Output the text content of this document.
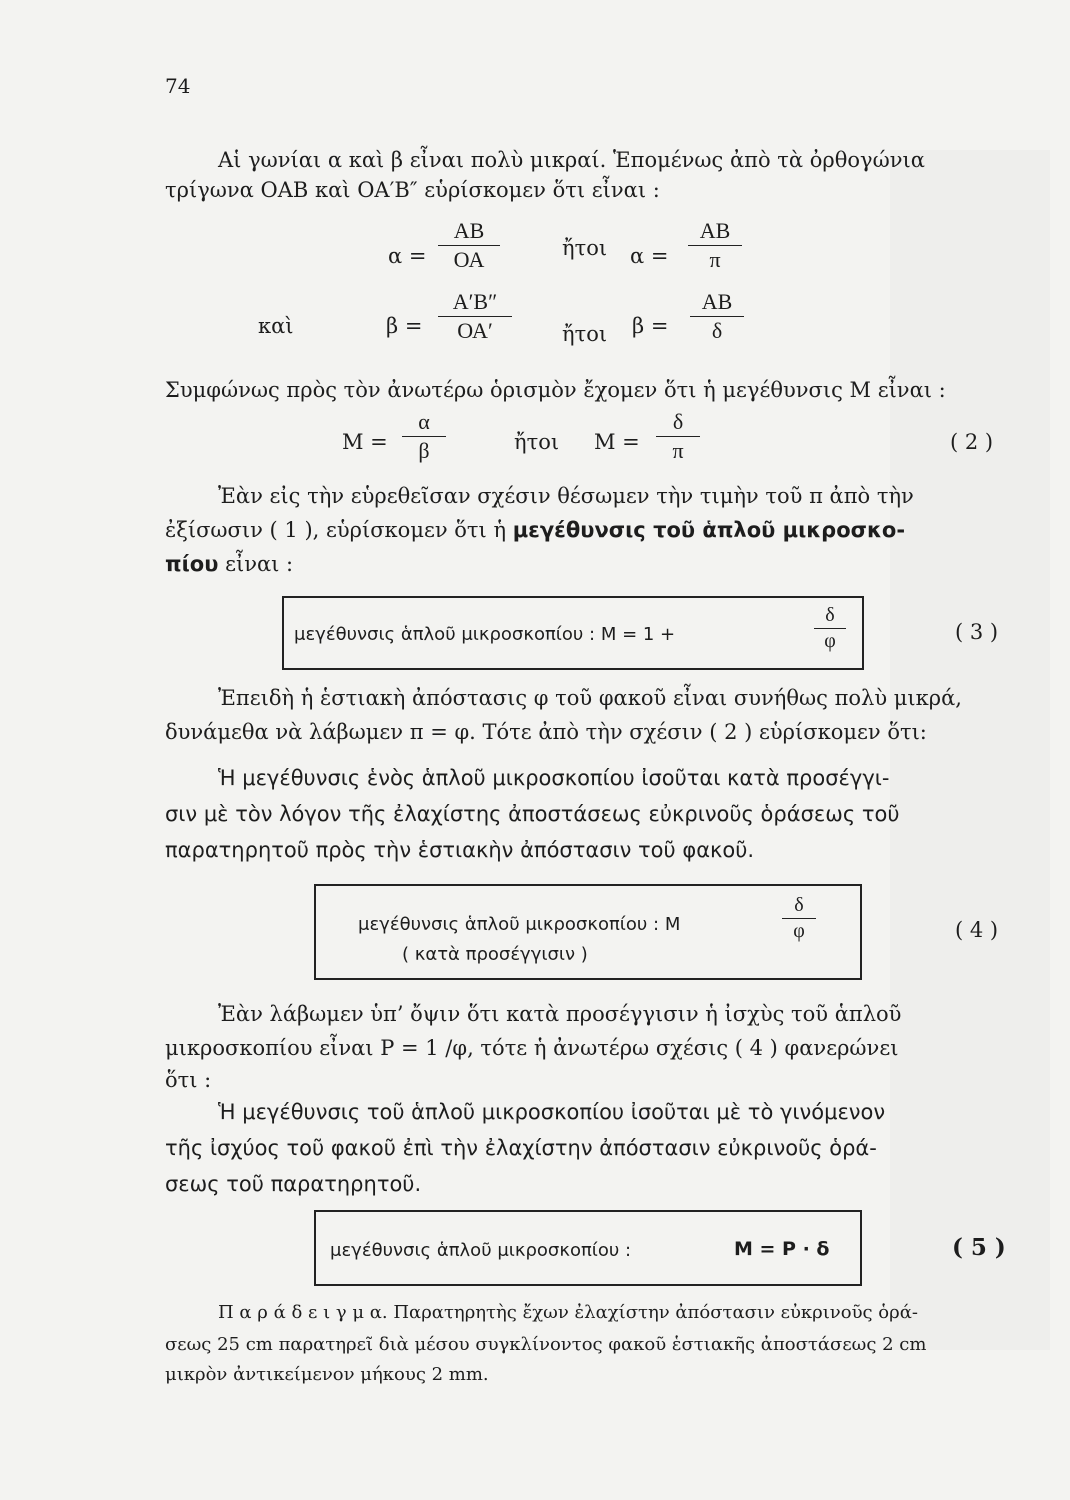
74
Αἱ γωνίαι α καὶ β εἶναι πολὺ μικραί. Ἑπομένως ἀπὸ τὰ ὀρθογώνια
τρίγωνα ΟΑΒ καὶ ΟΑ′Β″ εὑρίσκομεν ὅτι εἶναι :
α =
ΑΒ
ΟΑ	ἤτοι α =
ΑΒ
π
καὶ	β =
Α′Β″
ΟΑ′	ἤτοι β =
ΑΒ
δ
Συμφώνως πρὸς τὸν ἀνωτέρω ὁρισμὸν ἔχομεν ὅτι ἡ μεγέθυνσις Μ εἶναι :
Μ =
α
β	ἤτοι Μ =
δ
π	( 2 )
Ἐὰν εἰς τὴν εὑρεθεῖσαν σχέσιν θέσωμεν τὴν τιμὴν τοῦ π ἀπὸ τὴν
ἐξίσωσιν ( 1 ), εὑρίσκομεν ὅτι ἡ μεγέθυνσις τοῦ ἁπλοῦ μικροσκο-
πίου εἶναι :
μεγέθυνσις ἁπλοῦ μικροσκοπίου : Μ = 1 +
δ
φ	( 3 )
Ἐπειδὴ ἡ ἑστιακὴ ἀπόστασις φ τοῦ φακοῦ εἶναι συνήθως πολὺ μικρά,
δυνάμεθα νὰ λάβωμεν π = φ. Τότε ἀπὸ τὴν σχέσιν ( 2 ) εὑρίσκομεν ὅτι:
Ἡ μεγέθυνσις ἑνὸς ἁπλοῦ μικροσκοπίου ἰσοῦται κατὰ προσέγγι-
σιν μὲ τὸν λόγον τῆς ἐλαχίστης ἀποστάσεως εὐκρινοῦς ὁράσεως τοῦ
παρατηρητοῦ πρὸς τὴν ἑστιακὴν ἀπόστασιν τοῦ φακοῦ.
μεγέθυνσις ἁπλοῦ μικροσκοπίου : Μ
( κατὰ προσέγγισιν )
δ
φ	( 4 )
Ἐὰν λάβωμεν ὑπ’ ὄψιν ὅτι κατὰ προσέγγισιν ἡ ἰσχὺς τοῦ ἁπλοῦ
μικροσκοπίου εἶναι Ρ = 1 /φ, τότε ἡ ἀνωτέρω σχέσις ( 4 ) φανερώνει
ὅτι :
Ἡ μεγέθυνσις τοῦ ἁπλοῦ μικροσκοπίου ἰσοῦται μὲ τὸ γινόμενον
τῆς ἰσχύος τοῦ φακοῦ ἐπὶ τὴν ἐλαχίστην ἀπόστασιν εὐκρινοῦς ὁρά-
σεως τοῦ παρατηρητοῦ.
μεγέθυνσις ἁπλοῦ μικροσκοπίου :	Μ = Ρ · δ	( 5 )
Π α ρ ά δ ε ι γ μ α. Παρατηρητὴς ἔχων ἐλαχίστην ἀπόστασιν εὐκρινοῦς ὁρά-
σεως 25 cm παρατηρεῖ διὰ μέσου συγκλίνοντος φακοῦ ἑστιακῆς ἀποστάσεως 2 cm
μικρὸν ἀντικείμενον μήκους 2 mm.
